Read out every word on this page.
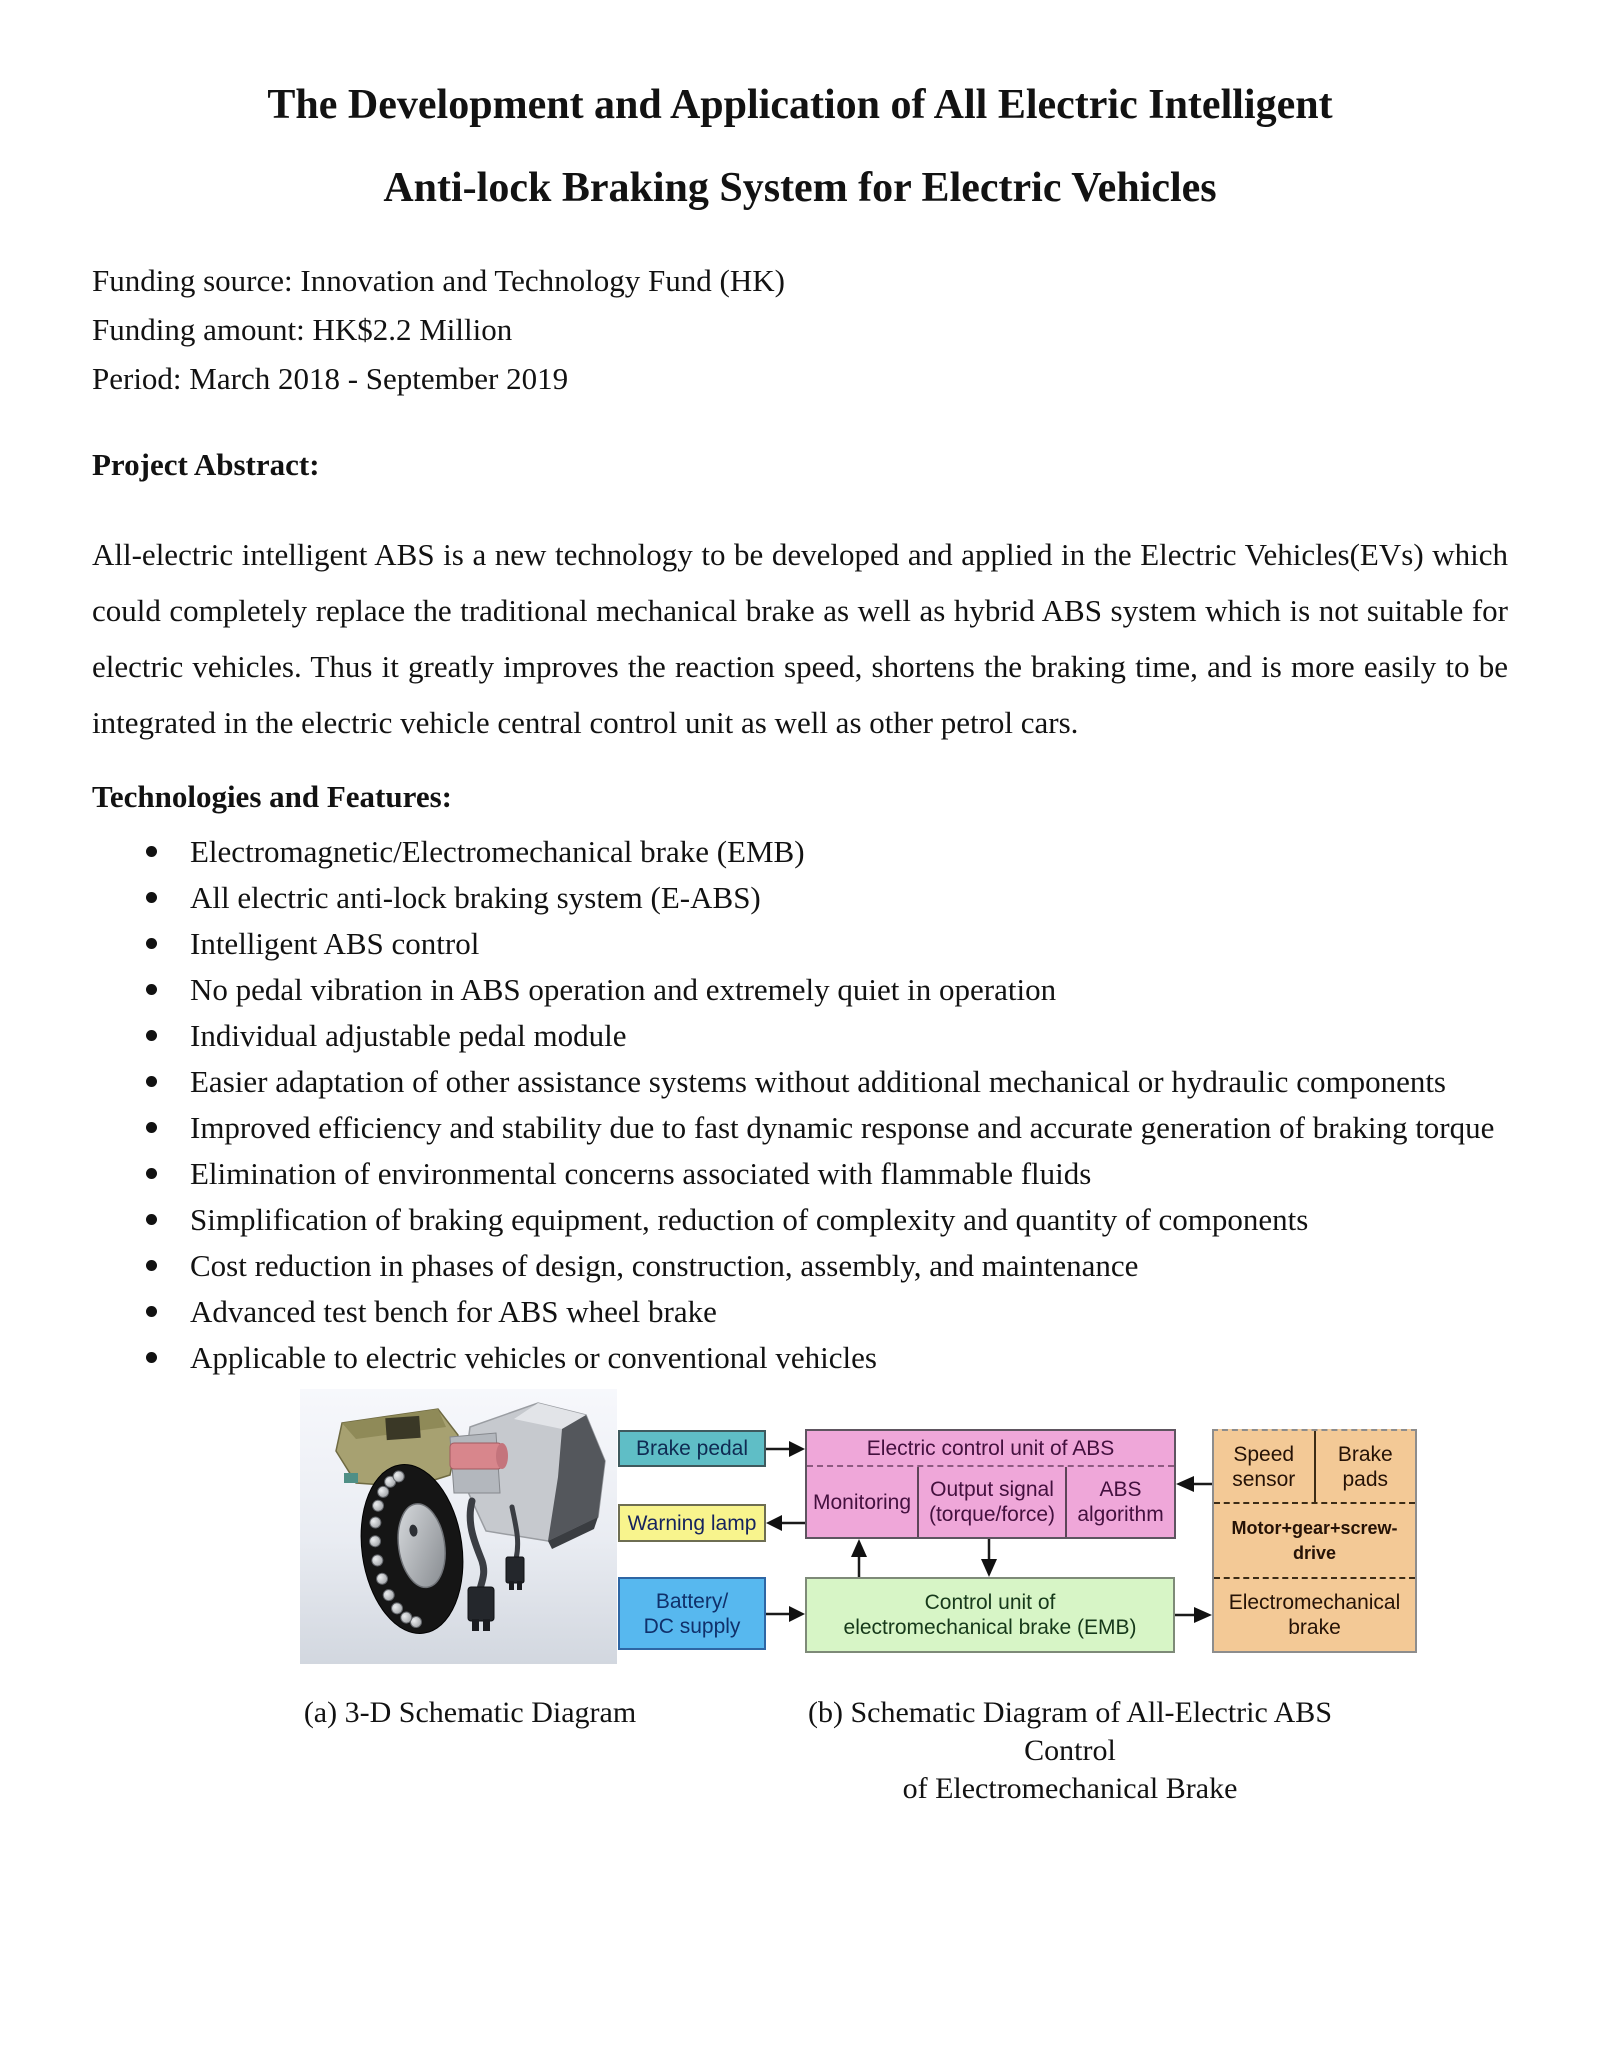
The Development and Application of All Electric Intelligent
Anti-lock Braking System for Electric Vehicles
Funding source: Innovation and Technology Fund (HK)
Funding amount: HK$2.2 Million
Period: March 2018 - September 2019
Project Abstract:

All-electric intelligent ABS is a new technology to be developed and applied in the Electric Vehicles(EVs) which could completely replace the traditional mechanical brake as well as hybrid ABS system which is not suitable for electric vehicles. Thus it greatly improves the reaction speed, shortens the braking time, and is more easily to be integrated in the electric vehicle central control unit as well as other petrol cars.

Technologies and Features:
Electromagnetic/Electromechanical brake (EMB)
All electric anti-lock braking system (E-ABS)
Intelligent ABS control
No pedal vibration in ABS operation and extremely quiet in operation
Individual adjustable pedal module
Easier adaptation of other assistance systems without additional mechanical or hydraulic components
Improved efficiency and stability due to fast dynamic response and accurate generation of braking torque
Elimination of environmental concerns associated with flammable fluids
Simplification of braking equipment, reduction of complexity and quantity of components
Cost reduction in phases of design, construction, assembly, and maintenance
Advanced test bench for ABS wheel brake
Applicable to electric vehicles or conventional vehicles
Brake pedal
Warning lamp
Battery/
DC supply
Electric control unit of ABS
Monitoring
Output signal
(torque/force)
ABS
algorithm
Control unit of
electromechanical brake (EMB)
Speed
sensor
Brake
pads
Motor+gear+screw-drive
Electromechanical
brake
(a) 3-D Schematic Diagram	(b) Schematic Diagram of All-Electric ABS Control
of Electromechanical Brake
